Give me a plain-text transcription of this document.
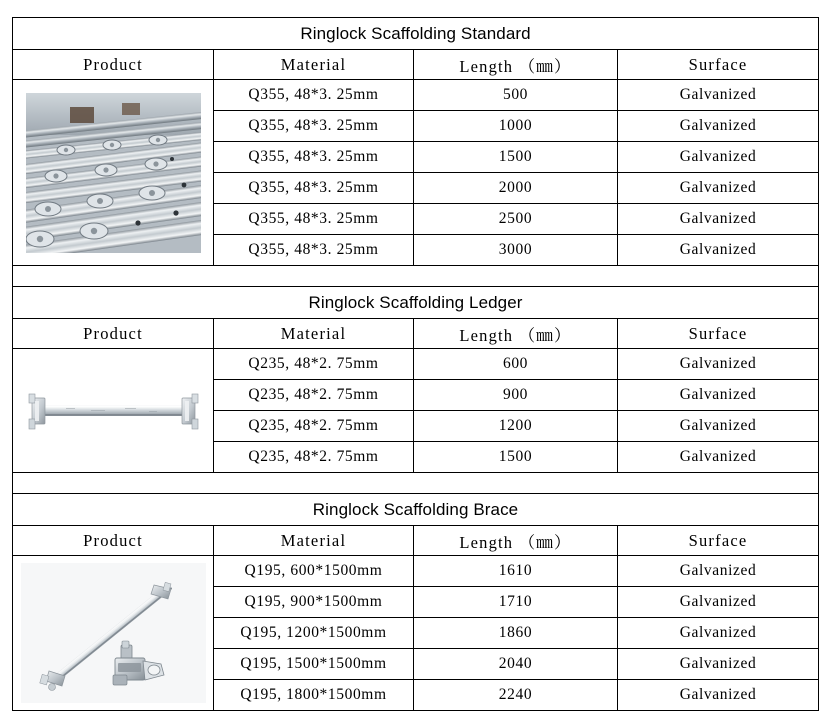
Ringlock Scaffolding Standard			
Product	Material	Length （㎜）	Surface

	Q355, 48*3. 25mm	500	Galvanized
	Q355, 48*3. 25mm	1000	Galvanized
	Q355, 48*3. 25mm	1500	Galvanized
	Q355, 48*3. 25mm	2000	Galvanized
	Q355, 48*3. 25mm	2500	Galvanized
	Q355, 48*3. 25mm	3000	Galvanized

Ringlock Scaffolding Ledger			
Product	Material	Length （㎜）	Surface

	Q235, 48*2. 75mm	600	Galvanized
	Q235, 48*2. 75mm	900	Galvanized
	Q235, 48*2. 75mm	1200	Galvanized
	Q235, 48*2. 75mm	1500	Galvanized

Ringlock Scaffolding Brace			
Product	Material	Length （㎜）	Surface

	Q195, 600*1500mm	1610	Galvanized
	Q195, 900*1500mm	1710	Galvanized
	Q195, 1200*1500mm	1860	Galvanized
	Q195, 1500*1500mm	2040	Galvanized
	Q195, 1800*1500mm	2240	Galvanized
